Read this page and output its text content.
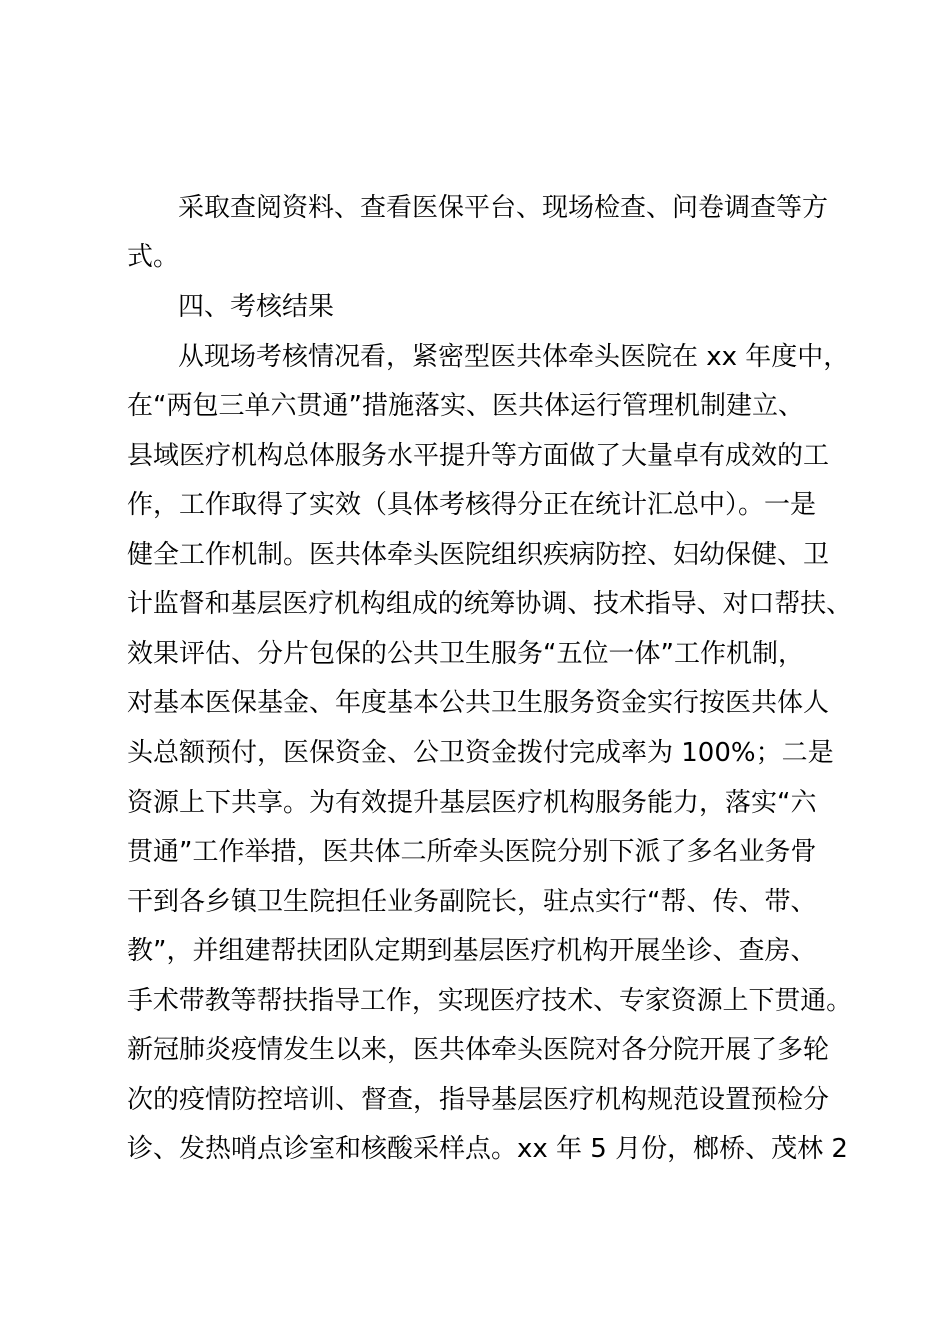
采取查阅资料、查看医保平台、现场检查、问卷调查等方
式。
四、考核结果
从现场考核情况看，紧密型医共体牵头医院在 xx 年度中，
在“两包三单六贯通”措施落实、医共体运行管理机制建立、
县域医疗机构总体服务水平提升等方面做了大量卓有成效的工
作，工作取得了实效（具体考核得分正在统计汇总中）。一是
健全工作机制。医共体牵头医院组织疾病防控、妇幼保健、卫
计监督和基层医疗机构组成的统筹协调、技术指导、对口帮扶、
效果评估、分片包保的公共卫生服务“五位一体”工作机制，
对基本医保基金、年度基本公共卫生服务资金实行按医共体人
头总额预付，医保资金、公卫资金拨付完成率为 100%；二是
资源上下共享。为有效提升基层医疗机构服务能力，落实“六
贯通”工作举措，医共体二所牵头医院分别下派了多名业务骨
干到各乡镇卫生院担任业务副院长，驻点实行“帮、传、带、
教”，并组建帮扶团队定期到基层医疗机构开展坐诊、查房、
手术带教等帮扶指导工作，实现医疗技术、专家资源上下贯通。
新冠肺炎疫情发生以来，医共体牵头医院对各分院开展了多轮
次的疫情防控培训、督查，指导基层医疗机构规范设置预检分
诊、发热哨点诊室和核酸采样点。xx 年 5 月份，榔桥、茂林 2
